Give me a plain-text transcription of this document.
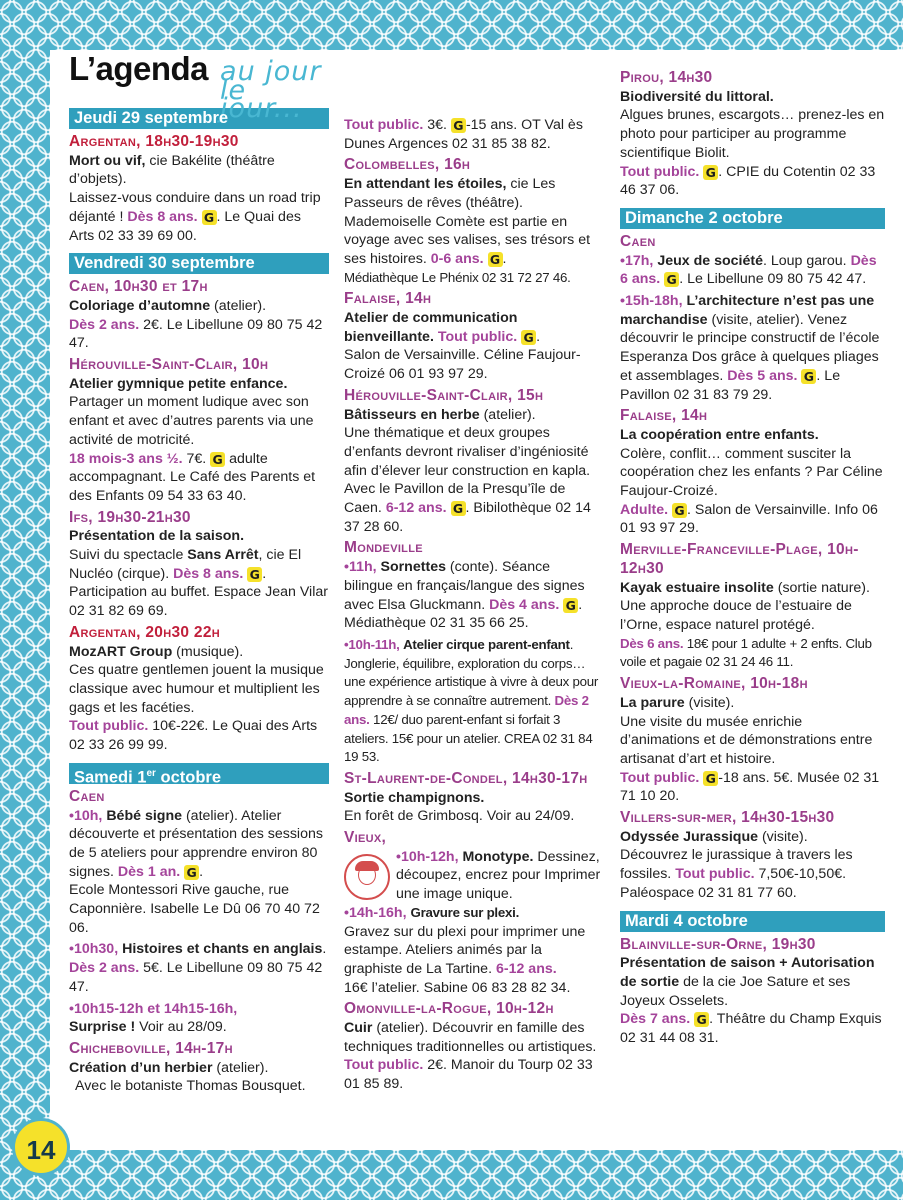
L’agenda au jour le jour...
Jeudi 29 septembre
Argentan, 18h30-19h30

Mort ou vif, cie Bakélite (théâtre d’objets).

Laissez-vous conduire dans un road trip déjanté ! Dès 8 ans. G . Le Quai des Arts 02 33 39 69 00.

Vendredi 30 septembre
Caen, 10h30 et 17h

Coloriage d’automne (atelier).

Dès 2 ans. 2€. Le Libellune 09 80 75 42 47.

Hérouville-Saint-Clair, 10h

Atelier gymnique petite enfance.

Partager un moment ludique avec son enfant et avec d’autres parents via une activité de motricité.

18 mois-3 ans ½. 7€. G adulte accompagnant. Le Café des Parents et des Enfants 09 54 33 63 40.

Ifs, 19h30-21h30

Présentation de la saison.

Suivi du spectacle Sans Arrêt, cie El Nucléo (cirque). Dès 8 ans. G .

Participation au buffet. Espace Jean Vilar 02 31 82 69 69.

Argentan, 20h30 22h

MozART Group (musique).

Ces quatre gentlemen jouent la musique classique avec humour et multiplient les gags et les facéties.

Tout public. 10€-22€. Le Quai des Arts 02 33 26 99 99.

Samedi 1er octobre
Caen

•10h, Bébé signe (atelier). Atelier découverte et présentation des sessions de 5 ateliers pour apprendre environ 80 signes. Dès 1 an. G .

Ecole Montessori Rive gauche, rue Caponnière. Isabelle Le Dû 06 70 40 72 06.

•10h30, Histoires et chants en anglais. Dès 2 ans. 5€. Le Libellune 09 80 75 42 47.

•10h15-12h et 14h15-16h,

Surprise ! Voir au 28/09.

Chicheboville, 14h-17h

Création d’un herbier (atelier).

Avec le botaniste Thomas Bousquet.

Tout public. 3€. G -15 ans. OT Val ès Dunes Argences 02 31 85 38 82.

Colombelles, 16h

En attendant les étoiles, cie Les Passeurs de rêves (théâtre). Mademoiselle Comète est partie en voyage avec ses valises, ses trésors et ses histoires. 0-6 ans. G .

Médiathèque Le Phénix 02 31 72 27 46.

Falaise, 14h

Atelier de communication bienveillante. Tout public. G .

Salon de Versainville. Céline Faujour-Croizé 06 01 93 97 29.

Hérouville-Saint-Clair, 15h

Bâtisseurs en herbe (atelier).

Une thématique et deux groupes d’enfants devront rivaliser d’ingéniosité afin d’élever leur construction en kapla. Avec le Pavillon de la Presqu’île de Caen. 6-12 ans. G . Bibilothèque 02 14 37 28 60.

Mondeville

•11h, Sornettes (conte). Séance bilingue en français/langue des signes avec Elsa Gluckmann. Dès 4 ans. G .

Médiathèque 02 31 35 66 25.

•10h-11h, Atelier cirque parent-enfant. Jonglerie, équilibre, exploration du corps… une expérience artistique à vivre à deux pour apprendre à se connaître autrement. Dès 2 ans. 12€/ duo parent-enfant si forfait 3 ateliers. 15€ pour un atelier. CREA 02 31 84 19 53.

St-Laurent-de-Condel, 14h30-17h

Sortie champignons.

En forêt de Grimbosq. Voir au 24/09.

Vieux,

•10h-12h, Monotype. Dessinez, découpez, encrez pour Imprimer une image unique.

•14h-16h, Gravure sur plexi.

Gravez sur du plexi pour imprimer une estampe. Ateliers animés par la graphiste de La Tartine. 6-12 ans.

16€ l’atelier. Sabine 06 83 28 82 34.

Omonville-la-Rogue, 10h-12h

Cuir (atelier). Découvrir en famille des techniques traditionnelles ou artistiques. Tout public. 2€. Manoir du Tourp 02 33 01 85 89.

Pirou, 14h30

Biodiversité du littoral.

Algues brunes, escargots… prenez-les en photo pour participer au programme scientifique Biolit.

Tout public. G . CPIE du Cotentin 02 33 46 37 06.

Dimanche 2 octobre
Caen

•17h, Jeux de société. Loup garou. Dès 6 ans. G . Le Libellune 09 80 75 42 47.

•15h-18h, L’architecture n’est pas une marchandise (visite, atelier). Venez découvrir le principe constructif de l’école Esperanza Dos grâce à quelques pliages et assemblages. Dès 5 ans. G . Le Pavillon 02 31 83 79 29.

Falaise, 14h

La coopération entre enfants.

Colère, conflit… comment susciter la coopération chez les enfants ? Par Céline Faujour-Croizé.

Adulte. G . Salon de Versainville. Info 06 01 93 97 29.

Merville-Franceville-Plage, 10h-12h30

Kayak estuaire insolite (sortie nature). Une approche douce de l’estuaire de l’Orne, espace naturel protégé.

Dès 6 ans. 18€ pour 1 adulte + 2 enfts. Club voile et pagaie 02 31 24 46 11.

Vieux-la-Romaine, 10h-18h

La parure (visite).

Une visite du musée enrichie d’animations et de démonstrations entre artisanat d’art et histoire.

Tout public. G -18 ans. 5€. Musée 02 31 71 10 20.

Villers-sur-mer, 14h30-15h30

Odyssée Jurassique (visite).

Découvrez le jurassique à travers les fossiles. Tout public. 7,50€-10,50€. Paléospace 02 31 81 77 60.

Mardi 4 octobre
Blainville-sur-Orne, 19h30

Présentation de saison + Autorisation de sortie de la cie Joe Sature et ses Joyeux Osselets.

Dès 7 ans. G . Théâtre du Champ Exquis 02 31 44 08 31.

14
